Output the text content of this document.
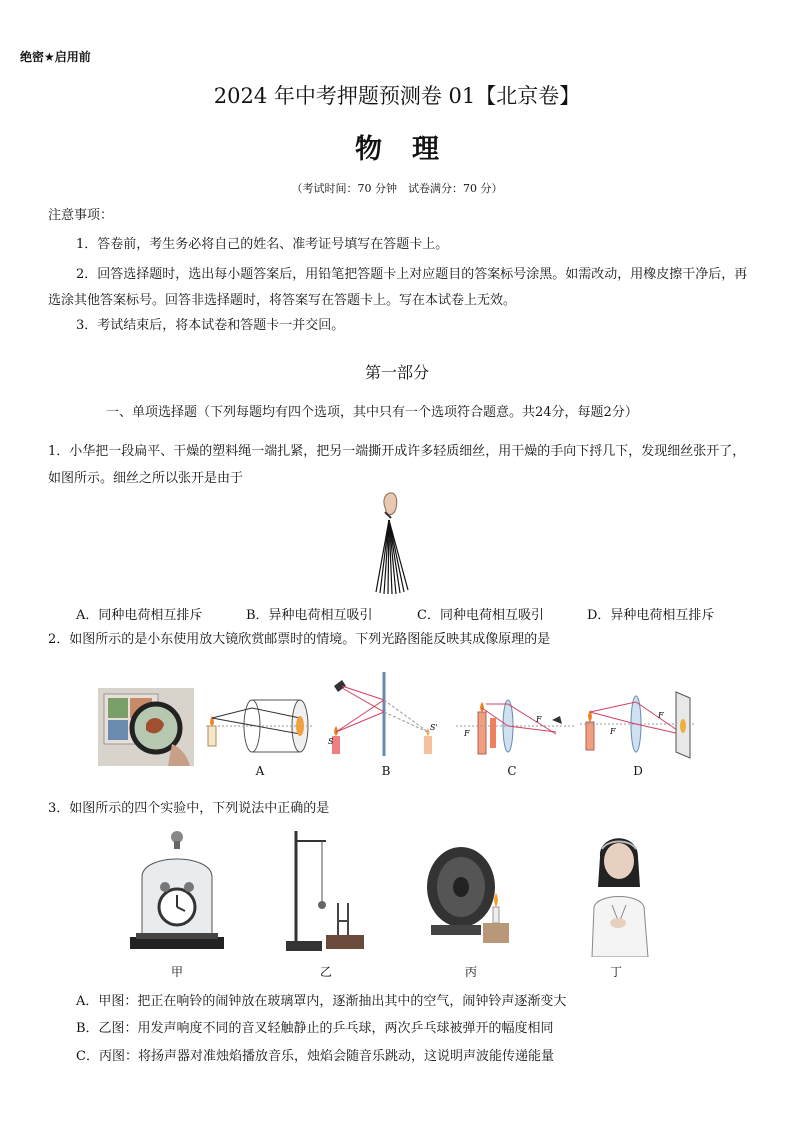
绝密★启用前
2024 年中考押题预测卷 01【北京卷】
物理
（考试时间：70 分钟　试卷满分：70 分）
注意事项：
1．答卷前，考生务必将自己的姓名、准考证号填写在答题卡上。
2．回答选择题时，选出每小题答案后，用铅笔把答题卡上对应题目的答案标号涂黑。如需改动，用橡皮擦干净后，再选涂其他答案标号。回答非选择题时，将答案写在答题卡上。写在本试卷上无效。
3．考试结束后，将本试卷和答题卡一并交回。
第一部分
一、单项选择题（下列每题均有四个选项，其中只有一个选项符合题意。共24分，每题2分）
1．小华把一段扁平、干燥的塑料绳一端扎紧，把另一端撕开成许多轻质细丝，用干燥的手向下捋几下，发现细丝张开了，如图所示。细丝之所以张开是由于
A．同种电荷相互排斥	B．异种电荷相互吸引	C．同种电荷相互吸引	D．异种电荷相互排斥
2．如图所示的是小东使用放大镜欣赏邮票时的情境。下列光路图能反映其成像原理的是
A
S
S'
B
F
F
C
F
F
D
3．如图所示的四个实验中，下列说法中正确的是
甲	乙	丙	丁
A．甲图：把正在响铃的闹钟放在玻璃罩内，逐渐抽出其中的空气，闹钟铃声逐渐变大
B．乙图：用发声响度不同的音叉轻触静止的乒乓球，两次乒乓球被弹开的幅度相同
C．丙图：将扬声器对准烛焰播放音乐，烛焰会随音乐跳动，这说明声波能传递能量
